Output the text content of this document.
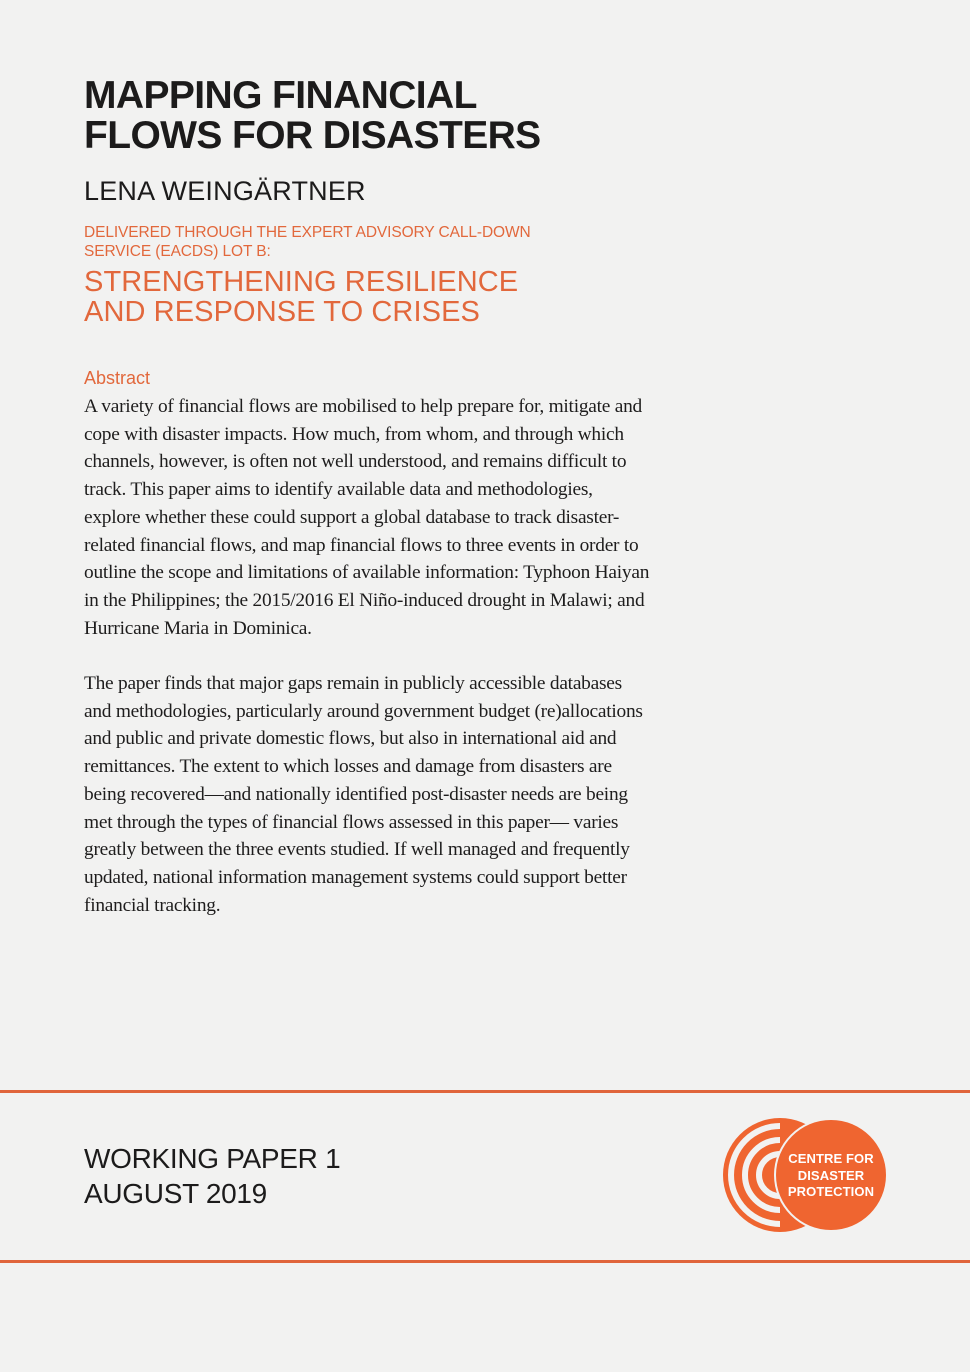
MAPPING FINANCIAL
FLOWS FOR DISASTERS
LENA WEINGÄRTNER
DELIVERED THROUGH THE EXPERT ADVISORY CALL-DOWN
SERVICE (EACDS) LOT B:
STRENGTHENING RESILIENCE
AND RESPONSE TO CRISES
Abstract

A variety of financial flows are mobilised to help prepare for, mitigate and
cope with disaster impacts. How much, from whom, and through which
channels, however, is often not well understood, and remains difficult to
track. This paper aims to identify available data and methodologies,
explore whether these could support a global database to track disaster-
related financial flows, and map financial flows to three events in order to
outline the scope and limitations of available information: Typhoon Haiyan
in the Philippines; the 2015/2016 El Niño-induced drought in Malawi; and
Hurricane Maria in Dominica.

The paper finds that major gaps remain in publicly accessible databases
and methodologies, particularly around government budget (re)allocations
and public and private domestic flows, but also in international aid and
remittances. The extent to which losses and damage from disasters are
being recovered—and nationally identified post-disaster needs are being
met through the types of financial flows assessed in this paper— varies
greatly between the three events studied. If well managed and frequently
updated, national information management systems could support better
financial tracking.

WORKING PAPER 1
AUGUST 2019
CENTRE FOR
DISASTER
PROTECTION
